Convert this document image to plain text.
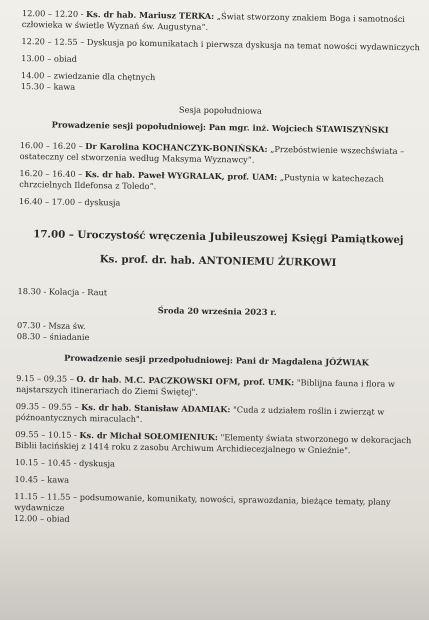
12.00 – 12.20 - Ks. dr hab. Mariusz TERKA: „Świat stworzony znakiem Boga i samotności człowieka w świetle Wyznań św. Augustyna”.

12.20 – 12.55 – Dyskusja po komunikatach i pierwsza dyskusja na temat nowości wydawniczych

13.00 – obiad

14.00 – zwiedzanie dla chętnych

15.30 – kawa

Sesja popołudniowa

Prowadzenie sesji popołudniowej: Pan mgr. inż. Wojciech STAWISZYŃSKI

16.00 – 16.20 – Dr Karolina KOCHANCZYK-BONIŃSKA: „Przebóstwienie wszechświata – ostateczny cel stworzenia według Maksyma Wyznawcy”.

16.20 – 16.40 – Ks. dr hab. Paweł WYGRALAK, prof. UAM: „Pustynia w katechezach chrzcielnych Ildefonsa z Toledo”.

16.40 – 17.00 – dyskusja

17.00 – Uroczystość wręczenia Jubileuszowej Księgi Pamiątkowej

Ks. prof. dr. hab. ANTONIEMU ŻURKOWI

18.30 - Kolacja - Raut

Środa 20 września 2023 r.

07.30 - Msza św.

08.30 – śniadanie

Prowadzenie sesji przedpołudniowej: Pani dr Magdalena JÓŹWIAK

9.15 – 09.35 – O. dr hab. M.C. PACZKOWSKI OFM, prof. UMK: "Biblijna fauna i flora w najstarszych itinerariach do Ziemi Świętej".

09.35 – 09.55 – Ks. dr hab. Stanisław ADAMIAK: "Cuda z udziałem roślin i zwierząt w późnoantycznych miraculach".

09.55 – 10.15 - Ks. dr Michał SOŁOMIENIUK: "Elementy świata stworzonego w dekoracjach Biblii łacińskiej z 1414 roku z zasobu Archiwum Archidiecezjalnego w Gnieźnie".

10.15 – 10.45 - dyskusja

10.45 – kawa

11.15 – 11.55 – podsumowanie, komunikaty, nowości, sprawozdania, bieżące tematy, plany wydawnicze

12.00 – obiad
